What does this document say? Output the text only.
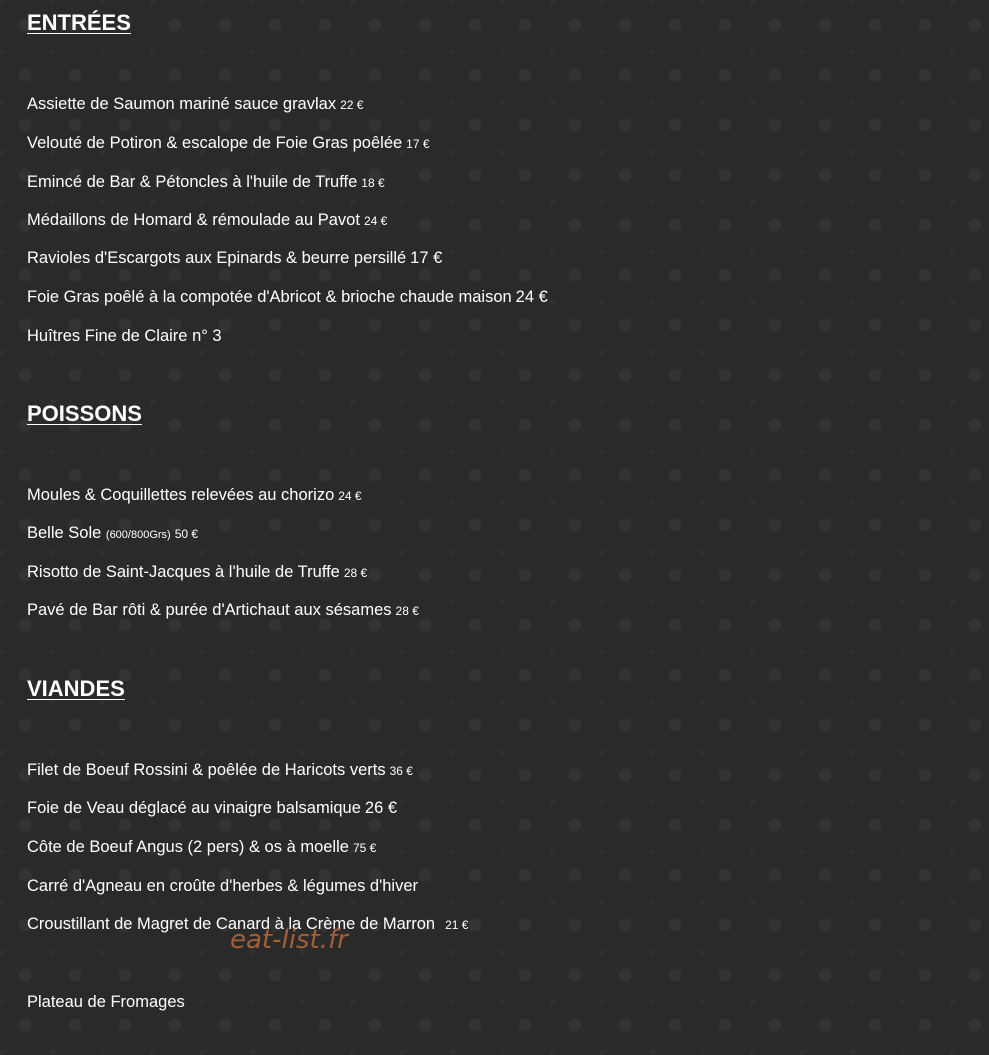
ENTRÉES
Assiette de Saumon mariné sauce gravlax 22 €
Velouté de Potiron & escalope de Foie Gras poêlée 17 €
Emincé de Bar & Pétoncles à l'huile de Truffe 18 €
Médaillons de Homard & rémoulade au Pavot 24 €
Ravioles d'Escargots aux Epinards & beurre persillé 17 €
Foie Gras poêlé à la compotée d'Abricot & brioche chaude maison 24 €
Huîtres Fine de Claire n° 3
POISSONS
Moules & Coquillettes relevées au chorizo 24 €
Belle Sole (600/800Grs) 50 €
Risotto de Saint-Jacques à l'huile de Truffe 28 €
Pavé de Bar rôti & purée d'Artichaut aux sésames 28 €
VIANDES
Filet de Boeuf Rossini & poêlée de Haricots verts 36 €
Foie de Veau déglacé au vinaigre balsamique 26 €
Côte de Boeuf Angus (2 pers) & os à moelle 75 €
Carré d'Agneau en croûte d'herbes & légumes d'hiver
Croustillant de Magret de Canard à la Crème de Marron 21 €
Plateau de Fromages
eat-list.fr
